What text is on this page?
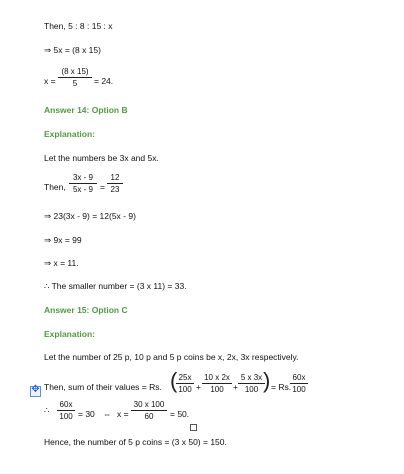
Then, 5 : 8 : 15 : x
⇒ 5x = (8 x 15)
x =
(8 x 15)
5	= 24.
Answer 14: Option B
Explanation:
Let the numbers be 3x and 5x.
Then,
3x - 9
5x - 9 =
12
23
⇒ 23(3x - 9) = 12(5x - 9)
⇒ 9x = 99
⇒ x = 11.
∴ The smaller number = (3 x 11) = 33.
Answer 15: Option C
Explanation:
Let the number of 25 p, 10 p and 5 p coins be x, 2x, 3x respectively.
✥ Then, sum of their values = Rs. ( 25x
100 +
10 x 2x
100	+
5 x 3x
100 ) = Rs.
60x
100
∴
60x
100 = 30 ⇔ x =
30 x 100
60	= 50.
Hence, the number of 5 p coins = (3 x 50) = 150.
